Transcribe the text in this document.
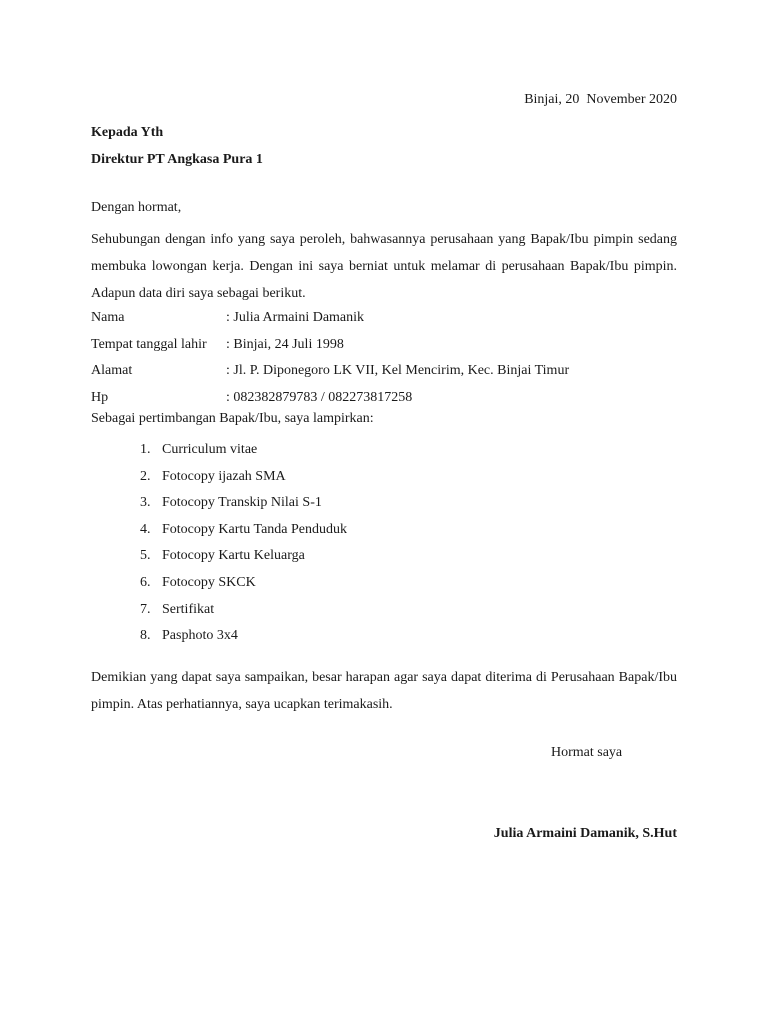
Binjai, 20  November 2020
Kepada Yth
Direktur PT Angkasa Pura 1
Dengan hormat,
Sehubungan dengan info yang saya peroleh, bahwasannya perusahaan yang Bapak/Ibu pimpin sedang membuka lowongan kerja. Dengan ini saya berniat untuk melamar di perusahaan Bapak/Ibu pimpin. Adapun data diri saya sebagai berikut.
Nama	: Julia Armaini Damanik
Tempat tanggal lahir	: Binjai, 24 Juli 1998
Alamat	: Jl. P. Diponegoro LK VII, Kel Mencirim, Kec. Binjai Timur
Hp	: 082382879783 / 082273817258
Sebagai pertimbangan Bapak/Ibu, saya lampirkan:
1. Curriculum vitae
2. Fotocopy ijazah SMA
3. Fotocopy Transkip Nilai S-1
4. Fotocopy Kartu Tanda Penduduk
5. Fotocopy Kartu Keluarga
6. Fotocopy SKCK
7. Sertifikat
8. Pasphoto 3x4
Demikian yang dapat saya sampaikan, besar harapan agar saya dapat diterima di Perusahaan Bapak/Ibu pimpin. Atas perhatiannya, saya ucapkan terimakasih.
Hormat saya
Julia Armaini Damanik, S.Hut
